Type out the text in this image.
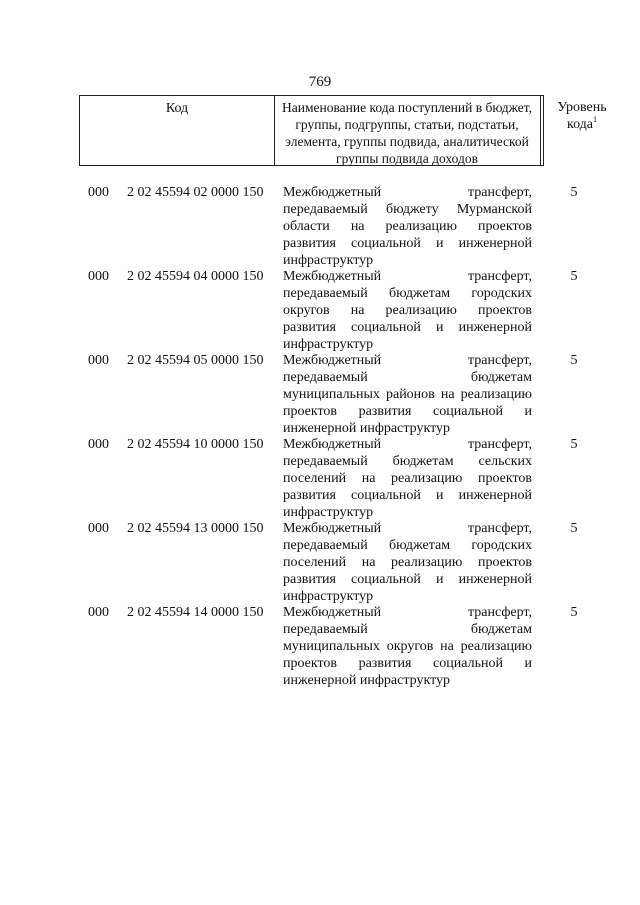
769
Код	Наименование кода поступлений в бюджет, группы, подгруппы, статьи, подстатьи, элемента, группы подвида, аналитической группы подвида доходов
Уровень кода$^1$
000 2 02 45594 02 0000 150 Межбюджетный трансферт, передаваемый бюджету Мурманской области на реализацию проектов развития социальной и инженерной инфраструктур
5
000 2 02 45594 04 0000 150 Межбюджетный трансферт, передаваемый бюджетам городских округов на реализацию проектов развития социальной и инженерной инфраструктур
5
000 2 02 45594 05 0000 150 Межбюджетный трансферт, передаваемый бюджетам муниципальных районов на реализацию проектов развития социальной и инженерной инфраструктур
5
000 2 02 45594 10 0000 150 Межбюджетный трансферт, передаваемый бюджетам сельских поселений на реализацию проектов развития социальной и инженерной инфраструктур
5
000 2 02 45594 13 0000 150 Межбюджетный трансферт, передаваемый бюджетам городских поселений на реализацию проектов развития социальной и инженерной инфраструктур
5
000 2 02 45594 14 0000 150 Межбюджетный трансферт, передаваемый бюджетам муниципальных округов на реализацию проектов развития социальной и инженерной инфраструктур
5
